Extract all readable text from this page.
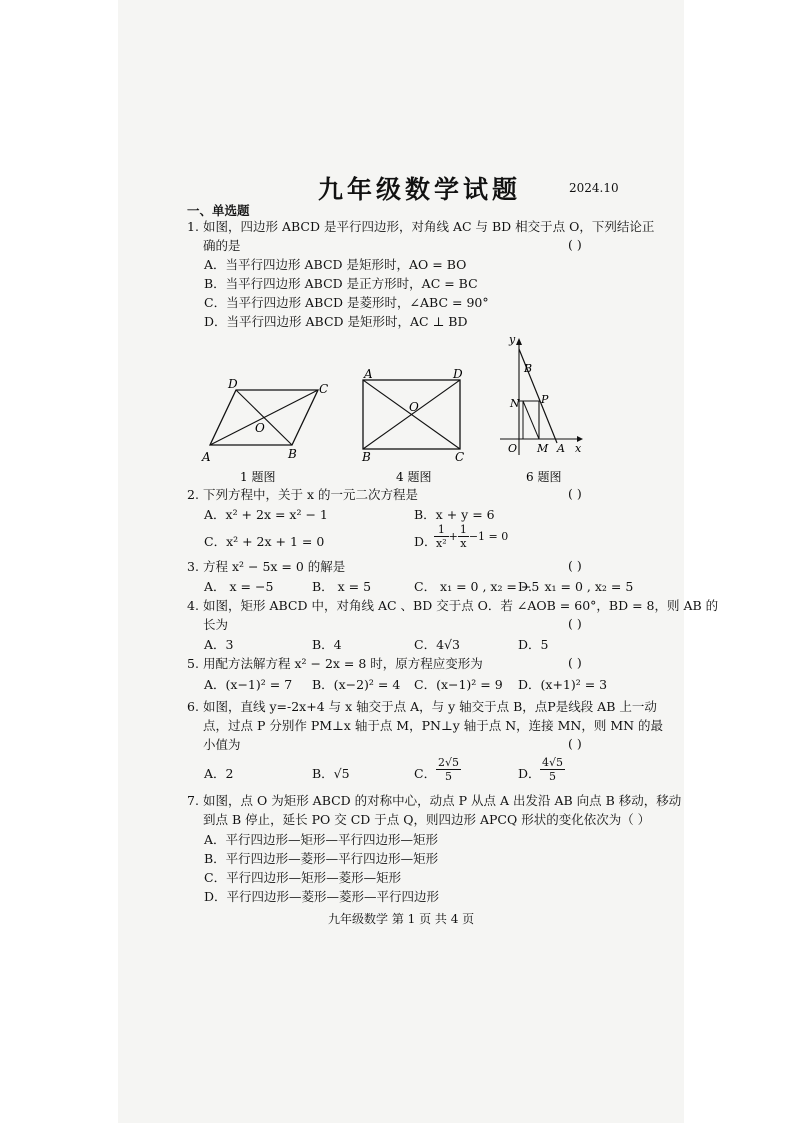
九年级数学试题	2024.10
一、单选题
1. 如图，四边形 ABCD 是平行四边形，对角线 AC 与 BD 相交于点 O，下列结论正
确的是	( )
A．当平行四边形 ABCD 是矩形时，AO = BO
B．当平行四边形 ABCD 是正方形时，AC = BC
C．当平行四边形 ABCD 是菱形时，∠ABC = 90°
D．当平行四边形 ABCD 是矩形时，AC ⊥ BD
D	C
A	B
O
1 题图
A	D
B	C
O
4 题图
y
x
O	A
B
M
N P
6 题图
2. 下列方程中，关于 x 的一元二次方程是	( )
A．x² + 2x = x² − 1	B．x + y = 6
C．x² + 2x + 1 = 0	D．
$\frac{1}{\text{x²}} + \frac{1}{x} -1 = 0$
3. 方程 x² − 5x = 0 的解是	( )
A． x = −5	B． x = 5	C． x₁ = 0 , x₂ = −5
D． x₁ = 0 , x₂ = 5
4. 如图，矩形 ABCD 中，对角线 AC 、BD 交于点 O．若 ∠AOB = 60°，BD = 8，则 AB 的
长为	( )
A．3	B．4	C．4√3	D．5
5. 用配方法解方程 x² − 2x = 8 时，原方程应变形为	( )
A．(x−1)² = 7 B．(x−2)² = 4 C．(x−1)² = 9 D．(x+1)² = 3
6. 如图，直线 y=-2x+4 与 x 轴交于点 A，与 y 轴交于点 B，点P是线段 AB 上一动
点，过点 P 分别作 PM⊥x 轴于点 M，PN⊥y 轴于点 N，连接 MN，则 MN 的最
小值为	( )
A．2	B．√5	C．
2√5
5	D．
4√5
5
7. 如图，点 O 为矩形 ABCD 的对称中心，动点 P 从点 A 出发沿 AB 向点 B 移动，移动
到点 B 停止，延长 PO 交 CD 于点 Q，则四边形 APCQ 形状的变化依次为（ ）
A．平行四边形—矩形—平行四边形—矩形
B．平行四边形—菱形—平行四边形—矩形
C．平行四边形—矩形—菱形—矩形
D．平行四边形—菱形—菱形—平行四边形
九年级数学 第 1 页 共 4 页
